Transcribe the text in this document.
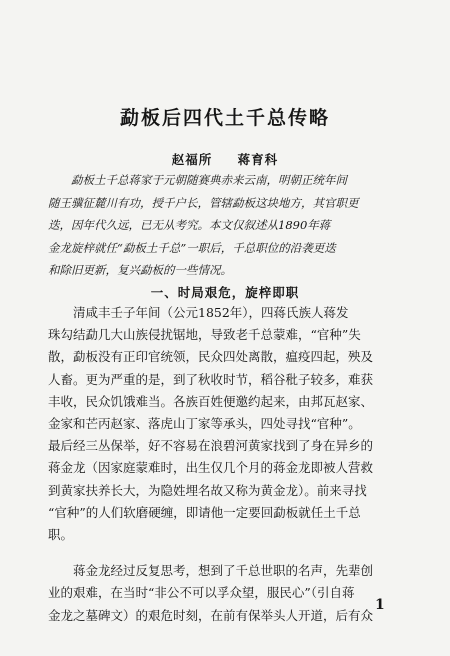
勐板后四代土千总传略
赵福所 蒋育科
勐板土千总蒋家于元朝随赛典赤来云南，明朝正统年间
随王骥征麓川有功，授千户长，管辖勐板这块地方，其官职更
迭，因年代久远，已无从考究。本文仅叙述从1890年蒋
金龙旋梓就任“勐板土千总”一职后，千总职位的沿袭更迭
和除旧更新，复兴勐板的一些情况。
一、时局艰危，旋梓即职
清咸丰壬子年间（公元1852年），四蒋氏族人蒋发
珠勾结勐几大山族侵扰锯地，导致老千总蒙难，“官种”失
散，勐板没有正印官统领，民众四处离散，瘟疫四起，殃及
人畜。更为严重的是，到了秋收时节，稻谷秕子较多，难获
丰收，民众饥饿难当。各族百姓便邀约起来，由邦瓦赵家、
金家和芒丙赵家、落虎山丁家等承头，四处寻找“官种”。
最后经三丛保举，好不容易在浪碧河黄家找到了身在异乡的
蒋金龙（因家庭蒙难时，出生仅几个月的蒋金龙即被人营救
到黄家扶养长大，为隐姓埋名故又称为黄金龙）。前来寻找
“官种”的人们软磨硬缠，即请他一定要回勐板就任土千总
职。
蒋金龙经过反复思考，想到了千总世职的名声，先辈创
业的艰难，在当时“非公不可以孚众望，服民心”（引自蒋
金龙之墓碑文）的艰危时刻，在前有保举头人开道，后有众
1
